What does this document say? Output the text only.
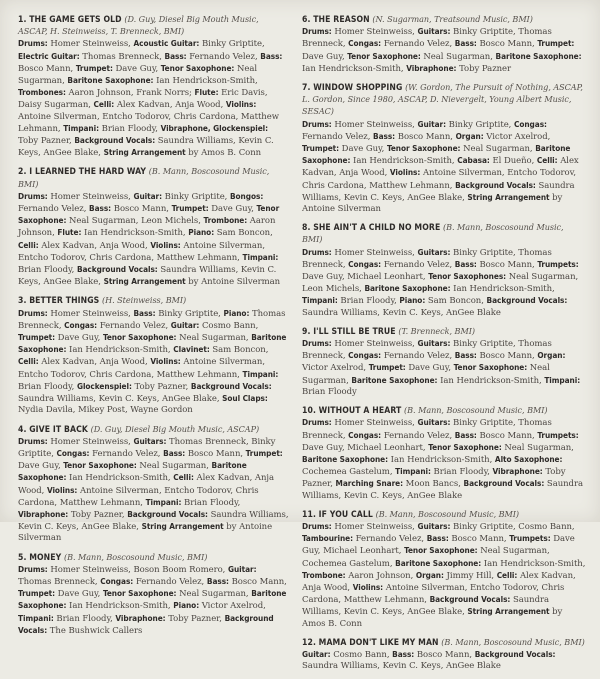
1. THE GAME GETS OLD (D. Guy, Diesel Big Mouth Music, ASCAP, H. Steinweiss, T. Brenneck, BMI)
Drums: Homer Steinweiss, Acoustic Guitar: Binky Griptite, Electric Guitar: Thomas Brenneck, Bass: Fernando Velez, Bass: Bosco Mann, Trumpet: Dave Guy, Tenor Saxophone: Neal Sugarman, Baritone Saxophone: Ian Hendrickson-Smith, Trombones: Aaron Johnson, Frank Norrs; Flute: Eric Davis, Daisy Sugarman, Celli: Alex Kadvan, Anja Wood, Violins: Antoine Silverman, Entcho Todorov, Chris Cardona, Matthew Lehmann, Timpani: Brian Floody, Vibraphone, Glockenspiel: Toby Pazner, Background Vocals: Saundra Williams, Kevin C. Keys, AnGee Blake, String Arrangement by Amos B. Conn
2. I LEARNED THE HARD WAY (B. Mann, Boscosound Music, BMI)
Drums: Homer Steinweiss, Guitar: Binky Griptite, Bongos: Fernando Velez, Bass: Bosco Mann, Trumpet: Dave Guy, Tenor Saxophone: Neal Sugarman, Leon Michels, Trombone: Aaron Johnson, Flute: Ian Hendrickson-Smith, Piano: Sam Boncon, Celli: Alex Kadvan, Anja Wood, Violins: Antoine Silverman, Entcho Todorov, Chris Cardona, Matthew Lehmann, Timpani: Brian Floody, Background Vocals: Saundra Williams, Kevin C. Keys, AnGee Blake, String Arrangement by Antoine Silverman
3. BETTER THINGS (H. Steinweiss, BMI)
Drums: Homer Steinweiss, Bass: Binky Griptite, Piano: Thomas Brenneck, Congas: Fernando Velez, Guitar: Cosmo Bann, Trumpet: Dave Guy, Tenor Saxophone: Neal Sugarman, Baritone Saxophone: Ian Hendrickson-Smith, Clavinet: Sam Boncon, Celli: Alex Kadvan, Anja Wood, Violins: Antoine Silverman, Entcho Todorov, Chris Cardona, Matthew Lehmann, Timpani: Brian Floody, Glockenspiel: Toby Pazner, Background Vocals: Saundra Williams, Kevin C. Keys, AnGee Blake, Soul Claps: Nydia Davila, Mikey Post, Wayne Gordon
4. GIVE IT BACK (D. Guy, Diesel Big Mouth Music, ASCAP)
Drums: Homer Steinweiss, Guitars: Thomas Brenneck, Binky Griptite, Congas: Fernando Velez, Bass: Bosco Mann, Trumpet: Dave Guy, Tenor Saxophone: Neal Sugarman, Baritone Saxophone: Ian Hendrickson-Smith, Celli: Alex Kadvan, Anja Wood, Violins: Antoine Silverman, Entcho Todorov, Chris Cardona, Matthew Lehmann, Timpani: Brian Floody, Vibraphone: Toby Pazner, Background Vocals: Saundra Williams, Kevin C. Keys, AnGee Blake, String Arrangement by Antoine Silverman
5. MONEY (B. Mann, Boscosound Music, BMI)
Drums: Homer Steinweiss, Boson Boom Romero, Guitar: Thomas Brenneck, Congas: Fernando Velez, Bass: Bosco Mann, Trumpet: Dave Guy, Tenor Saxophone: Neal Sugarman, Baritone Saxophone: Ian Hendrickson-Smith, Piano: Victor Axelrod, Timpani: Brian Floody, Vibraphone: Toby Pazner, Background Vocals: The Bushwick Callers
6. THE REASON (N. Sugarman, Treatsound Music, BMI)
Drums: Homer Steinweiss, Guitars: Binky Griptite, Thomas Brenneck, Congas: Fernando Velez, Bass: Bosco Mann, Trumpet: Dave Guy, Tenor Saxophone: Neal Sugarman, Baritone Saxophone: Ian Hendrickson-Smith, Vibraphone: Toby Pazner
7. WINDOW SHOPPING (W. Gordon, The Pursuit of Nothing, ASCAP, L. Gordon, Since 1980, ASCAP, D. Nievergelt, Young Albert Music, SESAC)
Drums: Homer Steinweiss, Guitar: Binky Griptite, Congas: Fernando Velez, Bass: Bosco Mann, Organ: Victor Axelrod, Trumpet: Dave Guy, Tenor Saxophone: Neal Sugarman, Baritone Saxophone: Ian Hendrickson-Smith, Cabasa: El Dueño, Celli: Alex Kadvan, Anja Wood, Violins: Antoine Silverman, Entcho Todorov, Chris Cardona, Matthew Lehmann, Background Vocals: Saundra Williams, Kevin C. Keys, AnGee Blake, String Arrangement by Antoine Silverman
8. SHE AIN'T A CHILD NO MORE (B. Mann, Boscosound Music, BMI)
Drums: Homer Steinweiss, Guitars: Binky Griptite, Thomas Brenneck, Congas: Fernando Velez, Bass: Bosco Mann, Trumpets: Dave Guy, Michael Leonhart, Tenor Saxophones: Neal Sugarman, Leon Michels, Baritone Saxophone: Ian Hendrickson-Smith, Timpani: Brian Floody, Piano: Sam Boncon, Background Vocals: Saundra Williams, Kevin C. Keys, AnGee Blake
9. I'LL STILL BE TRUE (T. Brenneck, BMI)
Drums: Homer Steinweiss, Guitars: Binky Griptite, Thomas Brenneck, Congas: Fernando Velez, Bass: Bosco Mann, Organ: Victor Axelrod, Trumpet: Dave Guy, Tenor Saxophone: Neal Sugarman, Baritone Saxophone: Ian Hendrickson-Smith, Timpani: Brian Floody
10. WITHOUT A HEART (B. Mann, Boscosound Music, BMI)
Drums: Homer Steinweiss, Guitars: Binky Griptite, Thomas Brenneck, Congas: Fernando Velez, Bass: Bosco Mann, Trumpets: Dave Guy, Michael Leonhart, Tenor Saxophone: Neal Sugarman, Baritone Saxophone: Ian Hendrickson-Smith, Alto Saxophone: Cochemea Gastelum, Timpani: Brian Floody, Vibraphone: Toby Pazner, Marching Snare: Moon Bancs, Background Vocals: Saundra Williams, Kevin C. Keys, AnGee Blake
11. IF YOU CALL (B. Mann, Boscosound Music, BMI)
Drums: Homer Steinweiss, Guitars: Binky Griptite, Cosmo Bann, Tambourine: Fernando Velez, Bass: Bosco Mann, Trumpets: Dave Guy, Michael Leonhart, Tenor Saxophone: Neal Sugarman, Cochemea Gastelum, Baritone Saxophone: Ian Hendrickson-Smith, Trombone: Aaron Johnson, Organ: Jimmy Hill, Celli: Alex Kadvan, Anja Wood, Violins: Antoine Silverman, Entcho Todorov, Chris Cardona, Matthew Lehmann, Background Vocals: Saundra Williams, Kevin C. Keys, AnGee Blake, String Arrangement by Amos B. Conn
12. MAMA DON'T LIKE MY MAN (B. Mann, Boscosound Music, BMI)
Guitar: Cosmo Bann, Bass: Bosco Mann, Background Vocals: Saundra Williams, Kevin C. Keys, AnGee Blake
